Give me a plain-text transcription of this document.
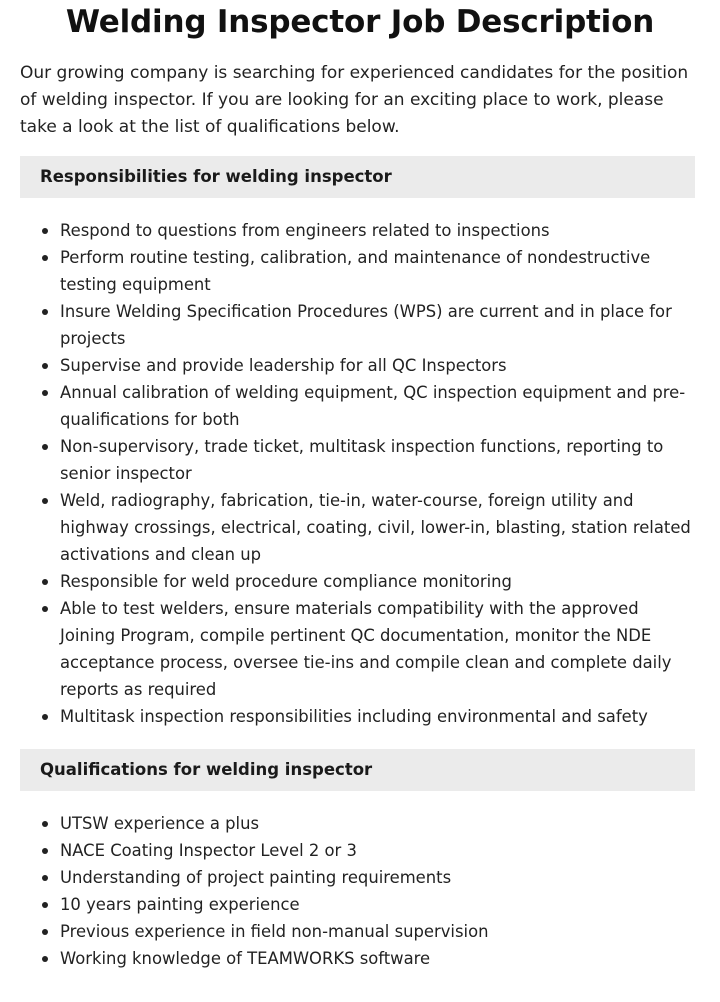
Welding Inspector Job Description

Our growing company is searching for experienced candidates for the position of welding inspector. If you are looking for an exciting place to work, please take a look at the list of qualifications below.

Responsibilities for welding inspector
Respond to questions from engineers related to inspections
Perform routine testing, calibration, and maintenance of nondestructive testing equipment
Insure Welding Specification Procedures (WPS) are current and in place for projects
Supervise and provide leadership for all QC Inspectors
Annual calibration of welding equipment, QC inspection equipment and pre-qualifications for both
Non-supervisory, trade ticket, multitask inspection functions, reporting to senior inspector
Weld, radiography, fabrication, tie-in, water-course, foreign utility and highway crossings, electrical, coating, civil, lower-in, blasting, station related activations and clean up
Responsible for weld procedure compliance monitoring
Able to test welders, ensure materials compatibility with the approved Joining Program, compile pertinent QC documentation, monitor the NDE acceptance process, oversee tie-ins and compile clean and complete daily reports as required
Multitask inspection responsibilities including environmental and safety
Qualifications for welding inspector
UTSW experience a plus
NACE Coating Inspector Level 2 or 3
Understanding of project painting requirements
10 years painting experience
Previous experience in field non-manual supervision
Working knowledge of TEAMWORKS software
